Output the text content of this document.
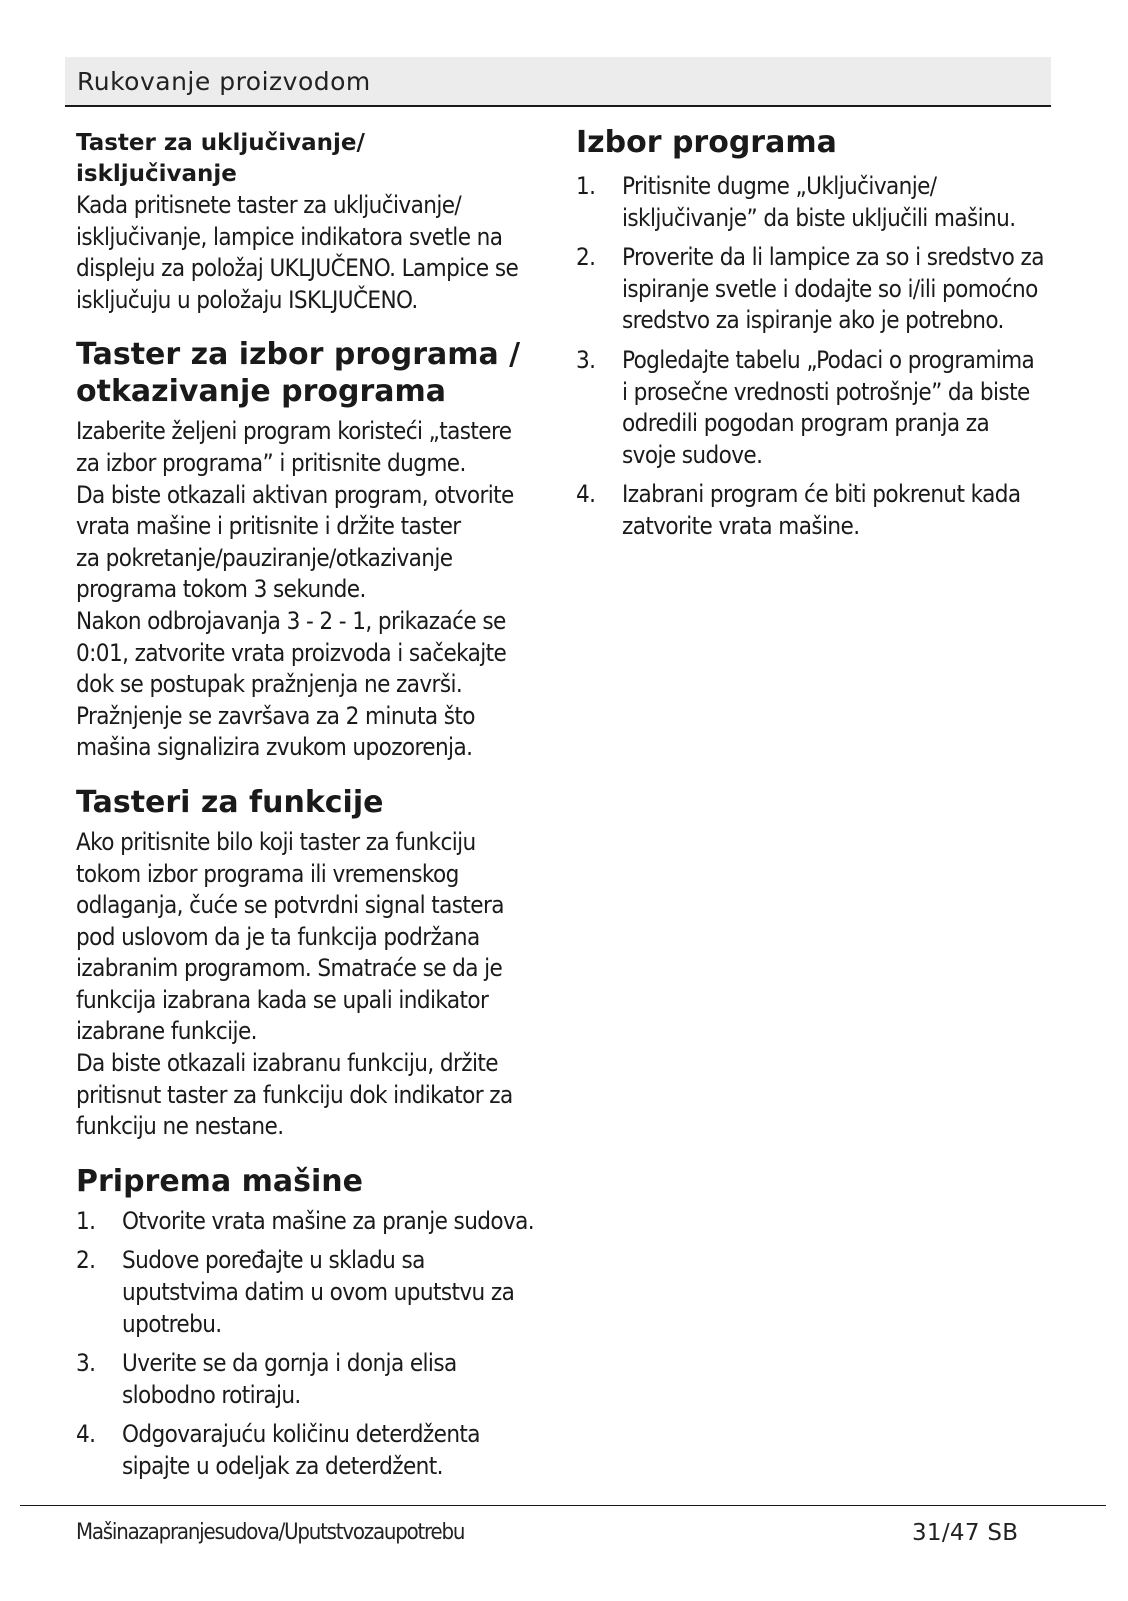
Rukovanje proizvodom
Taster za uključivanje/
isključivanje

Kada pritisnete taster za uključivanje/
isključivanje, lampice indikatora svetle na
displeju za položaj UKLJUČENO. Lampice se
isključuju u položaju ISKLJUČENO.

Taster za izbor programa /
otkazivanje programa

Izaberite željeni program koristeći „tastere
za izbor programa” i pritisnite dugme.
Da biste otkazali aktivan program, otvorite
vrata mašine i pritisnite i držite taster
za pokretanje/pauziranje/otkazivanje
programa tokom 3 sekunde.
Nakon odbrojavanja 3 - 2 - 1, prikazaće se
0:01, zatvorite vrata proizvoda i sačekajte
dok se postupak pražnjenja ne završi.
Pražnjenje se završava za 2 minuta što
mašina signalizira zvukom upozorenja.

Tasteri za funkcije

Ako pritisnite bilo koji taster za funkciju
tokom izbor programa ili vremenskog
odlaganja, čuće se potvrdni signal tastera
pod uslovom da je ta funkcija podržana
izabranim programom. Smatraće se da je
funkcija izabrana kada se upali indikator
izabrane funkcije.
Da biste otkazali izabranu funkciju, držite
pritisnut taster za funkciju dok indikator za
funkciju ne nestane.

Priprema mašine
1. Otvorite vrata mašine za pranje sudova.
2. Sudove poređajte u skladu sa
uputstvima datim u ovom uputstvu za
upotrebu.
3. Uverite se da gornja i donja elisa
slobodno rotiraju.
4. Odgovarajuću količinu deterdženta
sipajte u odeljak za deterdžent.
Izbor programa
1. Pritisnite dugme „Uključivanje/
isključivanje” da biste uključili mašinu.
2. Proverite da li lampice za so i sredstvo za
ispiranje svetle i dodajte so i/ili pomoćno
sredstvo za ispiranje ako je potrebno.
3. Pogledajte tabelu „Podaci o programima
i prosečne vrednosti potrošnje” da biste
odredili pogodan program pranja za
svoje sudove.
4. Izabrani program će biti pokrenut kada
zatvorite vrata mašine.
Mašinazapranjesudova/Uputstvozaupotrebu	31/47 SB
